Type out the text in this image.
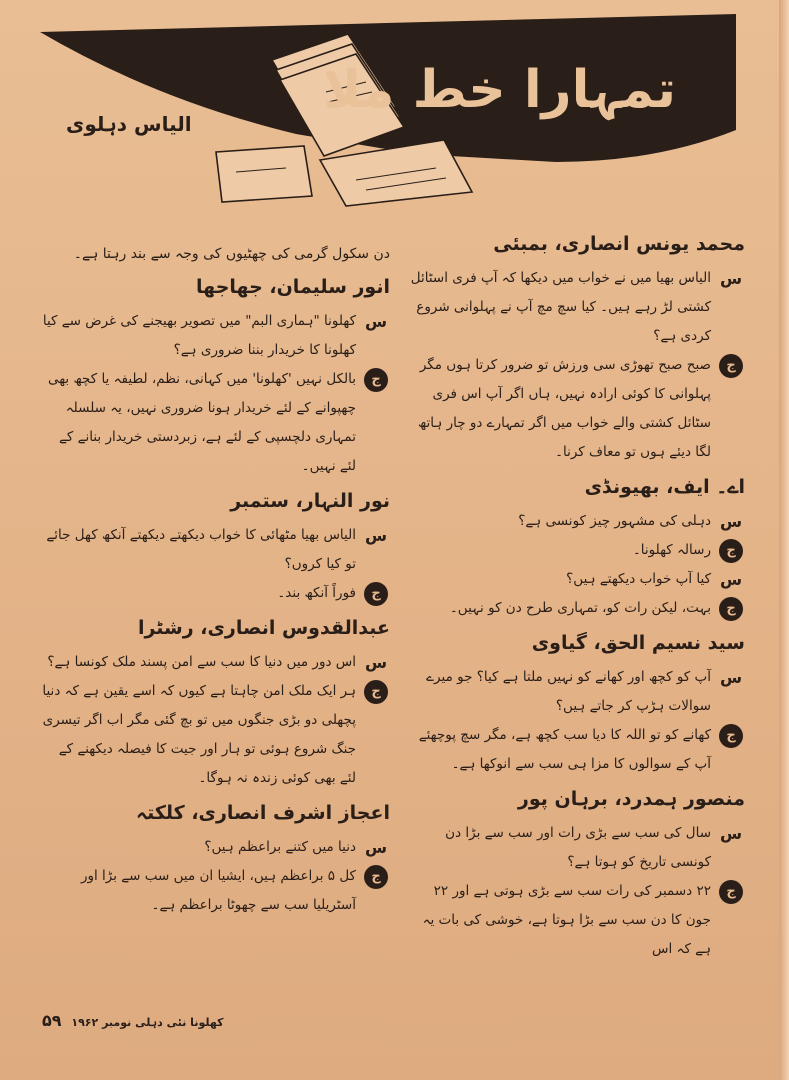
تمہارا خط ملا
الیاس دہلوی
محمد یونس انصاری، بمبئی

س
الیاس بھیا میں نے خواب میں دیکھا کہ آپ فری اسٹائل کشتی لڑ رہے ہیں۔ کیا سچ مچ آپ نے پہلوانی شروع کردی ہے؟

ج
صبح صبح تھوڑی سی ورزش تو ضرور کرتا ہوں مگر پہلوانی کا کوئی ارادہ نہیں، ہاں اگر آپ اس فری سٹائل کشتی والے خواب میں اگر تمہارے دو چار ہاتھ لگا دیئے ہوں تو معاف کرنا۔

اے۔ ایف، بھیونڈی

س
دہلی کی مشہور چیز کونسی ہے؟

ج
رسالہ کھلونا۔

س
کیا آپ خواب دیکھتے ہیں؟

ج
بہت، لیکن رات کو، تمہاری طرح دن کو نہیں۔

سید نسیم الحق، گیاوی

س
آپ کو کچھ اور کھانے کو نہیں ملتا ہے کیا؟ جو میرے سوالات ہڑپ کر جاتے ہیں؟

ج
کھانے کو تو اللہ کا دیا سب کچھ ہے، مگر سچ پوچھئے آپ کے سوالوں کا مزا ہی سب سے انوکھا ہے۔

منصور ہمدرد، برہان پور

س
سال کی سب سے بڑی رات اور سب سے بڑا دن کونسی تاریخ کو ہوتا ہے؟

ج
۲۲ دسمبر کی رات سب سے بڑی ہوتی ہے اور ۲۲ جون کا دن سب سے بڑا ہوتا ہے، خوشی کی بات یہ ہے کہ اس

دن سکول گرمی کی چھٹیوں کی وجہ سے بند رہتا ہے۔

انور سلیمان، جھاجھا

س
کھلونا "ہماری البم" میں تصویر بھیجنے کی غرض سے کیا کھلونا کا خریدار بننا ضروری ہے؟

ج
بالکل نہیں 'کھلونا' میں کہانی، نظم، لطیفہ یا کچھ بھی چھپوانے کے لئے خریدار ہونا ضروری نہیں، یہ سلسلہ تمہاری دلچسپی کے لئے ہے، زبردستی خریدار بنانے کے لئے نہیں۔

نور النہار، ستمبر

س
الیاس بھیا مٹھائی کا خواب دیکھتے دیکھتے آنکھ کھل جائے تو کیا کروں؟

ج
فوراً آنکھ بند۔

عبدالقدوس انصاری، رشٹرا

س
اس دور میں دنیا کا سب سے امن پسند ملک کونسا ہے؟

ج
ہر ایک ملک امن چاہتا ہے کیوں کہ اسے یقین ہے کہ دنیا پچھلی دو بڑی جنگوں میں تو بچ گئی مگر اب اگر تیسری جنگ شروع ہوئی تو ہار اور جیت کا فیصلہ دیکھنے کے لئے بھی کوئی زندہ نہ ہوگا۔

اعجاز اشرف انصاری، کلکتہ

س
دنیا میں کتنے براعظم ہیں؟

ج
کل ۵ براعظم ہیں، ایشیا ان میں سب سے بڑا اور آسٹریلیا سب سے چھوٹا براعظم ہے۔

کھلونا نئی دہلی نومبر ۱۹۶۲ ۵۹
